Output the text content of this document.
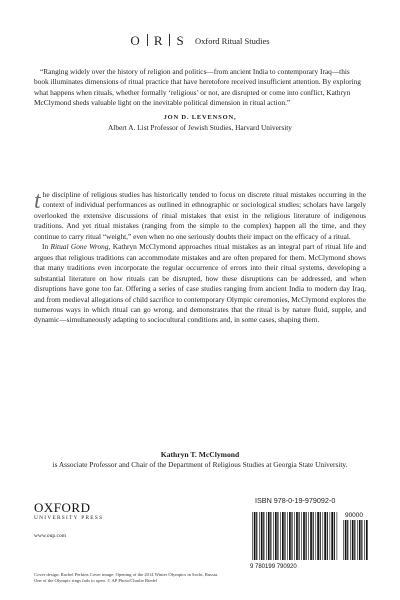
O R S Oxford Ritual Studies

“Ranging widely over the history of religion and politics—from ancient India to contemporary Iraq—this book illuminates dimensions of ritual practice that have heretofore received insufficient attention. By exploring what happens when rituals, whether formally ‘religious’ or not, are disrupted or come into conflict, Kathryn McClymond sheds valuable light on the inevitable political dimension in ritual action.”

JON D. LEVENSON,
Albert A. List Professor of Jewish Studies, Harvard University

the discipline of religious studies has historically tended to focus on discrete ritual mistakes occurring in the context of individual performances as outlined in ethnographic or sociological studies; scholars have largely overlooked the extensive discussions of ritual mistakes that exist in the religious literature of indigenous traditions. And yet ritual mistakes (ranging from the simple to the complex) happen all the time, and they continue to carry ritual “weight,” even when no one seriously doubts their impact on the efficacy of a ritual.

In Ritual Gone Wrong, Kathryn McClymond approaches ritual mistakes as an integral part of ritual life and argues that religious traditions can accommodate mistakes and are often prepared for them. McClymond shows that many traditions even incorporate the regular occurrence of errors into their ritual systems, developing a substantial literature on how rituals can be disrupted, how these disruptions can be addressed, and when disruptions have gone too far. Offering a series of case studies ranging from ancient India to modern day Iraq, and from medieval allegations of child sacrifice to contemporary Olympic ceremonies, McClymond explores the numerous ways in which ritual can go wrong, and demonstrates that the ritual is by nature fluid, supple, and dynamic—simultaneously adapting to sociocultural conditions and, in some cases, shaping them.

Kathryn T. McClymond
is Associate Professor and Chair of the Department of Religious Studies at Georgia State University.
OXFORD
UNIVERSITY PRESS
www.oup.com
ISBN 978-0-19-979092-0
90000
9 780199 790920
Cover design: Rachel Perkins Cover image: Opening of the 2014 Winter Olympics in Sochi, Russia.
One of the Olympic rings fails to open. © AP Photo/Charlie Riedel
